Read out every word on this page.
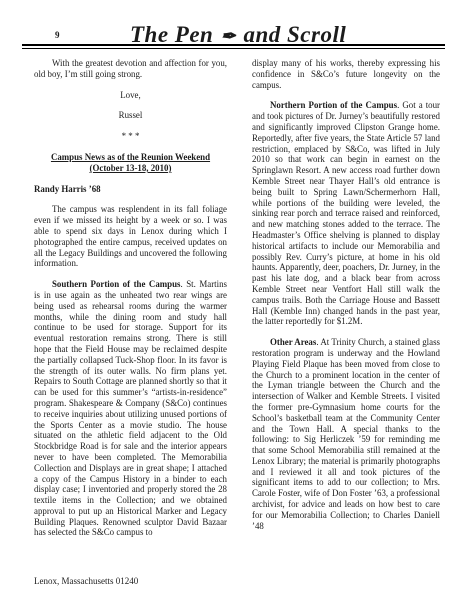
9	The Pen ✒ and Scroll

With the greatest devotion and affection for you, old boy, I’m still going strong.

Love,

Russel

* * *

Campus News as of the Reunion Weekend

(October 13-18, 2010)

Randy Harris ’68

The campus was resplendent in its fall foliage even if we missed its height by a week or so. I was able to spend six days in Lenox during which I photographed the entire campus, received updates on all the Legacy Buildings and uncovered the following information.

Southern Portion of the Campus. St. Martins is in use again as the unheated two rear wings are being used as rehearsal rooms during the warmer months, while the dining room and study hall continue to be used for storage. Support for its eventual restoration remains strong. There is still hope that the Field House may be reclaimed despite the partially collapsed Tuck-Shop floor. In its favor is the strength of its outer walls. No firm plans yet. Repairs to South Cottage are planned shortly so that it can be used for this summer’s “artists-in-residence” program. Shakespeare & Company (S&Co) continues to receive inquiries about utilizing unused portions of the Sports Center as a movie studio. The house situated on the athletic field adjacent to the Old Stockbridge Road is for sale and the interior appears never to have been completed. The Memorabilia Collection and Displays are in great shape; I attached a copy of the Campus History in a binder to each display case; I inventoried and properly stored the 28 textile items in the Collection; and we obtained approval to put up an Historical Marker and Legacy Building Plaques. Renowned sculptor David Bazaar has selected the S&Co campus to

display many of his works, thereby expressing his confidence in S&Co’s future longevity on the campus.

Northern Portion of the Campus. Got a tour and took pictures of Dr. Jurney’s beautifully restored and significantly improved Clipston Grange home. Reportedly, after five years, the State Article 57 land restriction, emplaced by S&Co, was lifted in July 2010 so that work can begin in earnest on the Springlawn Resort. A new access road further down Kemble Street near Thayer Hall’s old entrance is being built to Spring Lawn/Schermerhorn Hall, while portions of the building were leveled, the sinking rear porch and terrace raised and reinforced, and new matching stones added to the terrace. The Headmaster’s Office shelving is planned to display historical artifacts to include our Memorabilia and possibly Rev. Curry’s picture, at home in his old haunts. Apparently, deer, poachers, Dr. Jurney, in the past his late dog, and a black bear from across Kemble Street near Ventfort Hall still walk the campus trails. Both the Carriage House and Bassett Hall (Kemble Inn) changed hands in the past year, the latter reportedly for $1.2M.

Other Areas. At Trinity Church, a stained glass restoration program is underway and the Howland Playing Field Plaque has been moved from close to the Church to a prominent location in the center of the Lyman triangle between the Church and the intersection of Walker and Kemble Streets. I visited the former pre-Gymnasium home courts for the School’s basketball team at the Community Center and the Town Hall. A special thanks to the following: to Sig Herliczek ’59 for reminding me that some School Memorabilia still remained at the Lenox Library; the material is primarily photographs and I reviewed it all and took pictures of the significant items to add to our collection; to Mrs. Carole Foster, wife of Don Foster ’63, a professional archivist, for advice and leads on how best to care for our Memorabilia Collection; to Charles Daniell ’48

Lenox, Massachusetts 01240
